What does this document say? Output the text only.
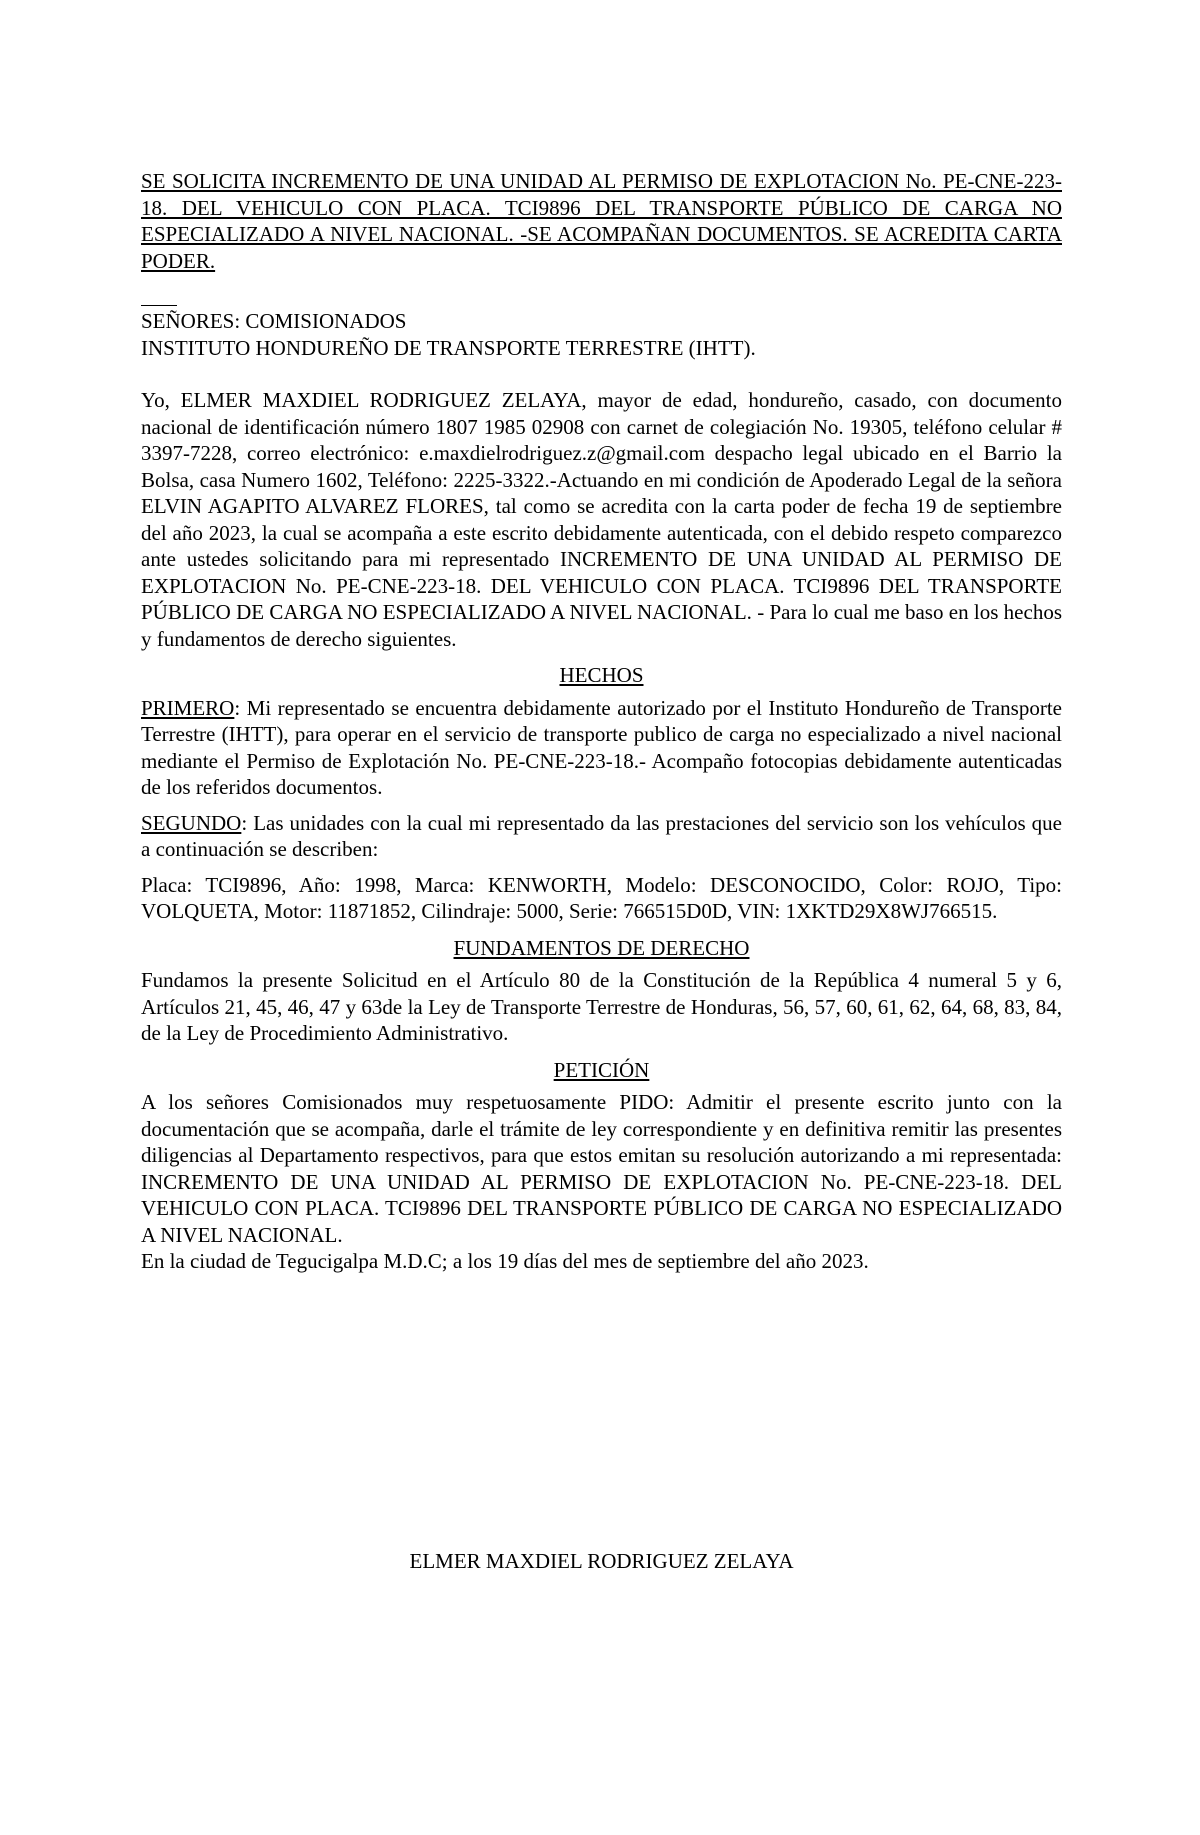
SE SOLICITA INCREMENTO DE UNA UNIDAD AL PERMISO DE EXPLOTACION No. PE-CNE-223-18. DEL VEHICULO CON PLACA. TCI9896 DEL TRANSPORTE PÚBLICO DE CARGA NO ESPECIALIZADO A NIVEL NACIONAL. -SE ACOMPAÑAN DOCUMENTOS. SE ACREDITA CARTA PODER.

SEÑORES: COMISIONADOS
INSTITUTO HONDUREÑO DE TRANSPORTE TERRESTRE (IHTT).

Yo, ELMER MAXDIEL RODRIGUEZ ZELAYA, mayor de edad, hondureño, casado, con documento nacional de identificación número 1807 1985 02908 con carnet de colegiación No. 19305, teléfono celular # 3397-7228, correo electrónico: e.maxdielrodriguez.z@gmail.com despacho legal ubicado en el Barrio la Bolsa, casa Numero 1602, Teléfono: 2225-3322.-Actuando en mi condición de Apoderado Legal de la señora ELVIN AGAPITO ALVAREZ FLORES, tal como se acredita con la carta poder de fecha 19 de septiembre del año 2023, la cual se acompaña a este escrito debidamente autenticada, con el debido respeto comparezco ante ustedes solicitando para mi representado INCREMENTO DE UNA UNIDAD AL PERMISO DE EXPLOTACION No. PE-CNE-223-18. DEL VEHICULO CON PLACA. TCI9896 DEL TRANSPORTE PÚBLICO DE CARGA NO ESPECIALIZADO A NIVEL NACIONAL. - Para lo cual me baso en los hechos y fundamentos de derecho siguientes.

HECHOS

PRIMERO: Mi representado se encuentra debidamente autorizado por el Instituto Hondureño de Transporte Terrestre (IHTT), para operar en el servicio de transporte publico de carga no especializado a nivel nacional mediante el Permiso de Explotación No. PE-CNE-223-18.- Acompaño fotocopias debidamente autenticadas de los referidos documentos.

SEGUNDO: Las unidades con la cual mi representado da las prestaciones del servicio son los vehículos que a continuación se describen:

Placa: TCI9896, Año: 1998, Marca: KENWORTH, Modelo: DESCONOCIDO, Color: ROJO, Tipo: VOLQUETA, Motor: 11871852, Cilindraje: 5000, Serie: 766515D0D, VIN: 1XKTD29X8WJ766515.

FUNDAMENTOS DE DERECHO

Fundamos la presente Solicitud en el Artículo 80 de la Constitución de la República 4 numeral 5 y 6, Artículos 21, 45, 46, 47 y 63de la Ley de Transporte Terrestre de Honduras, 56, 57, 60, 61, 62, 64, 68, 83, 84, de la Ley de Procedimiento Administrativo.

PETICIÓN

A los señores Comisionados muy respetuosamente PIDO: Admitir el presente escrito junto con la documentación que se acompaña, darle el trámite de ley correspondiente y en definitiva remitir las presentes diligencias al Departamento respectivos, para que estos emitan su resolución autorizando a mi representada: INCREMENTO DE UNA UNIDAD AL PERMISO DE EXPLOTACION No. PE-CNE-223-18. DEL VEHICULO CON PLACA. TCI9896 DEL TRANSPORTE PÚBLICO DE CARGA NO ESPECIALIZADO A NIVEL NACIONAL.

En la ciudad de Tegucigalpa M.D.C; a los 19 días del mes de septiembre del año 2023.

ELMER MAXDIEL RODRIGUEZ ZELAYA
